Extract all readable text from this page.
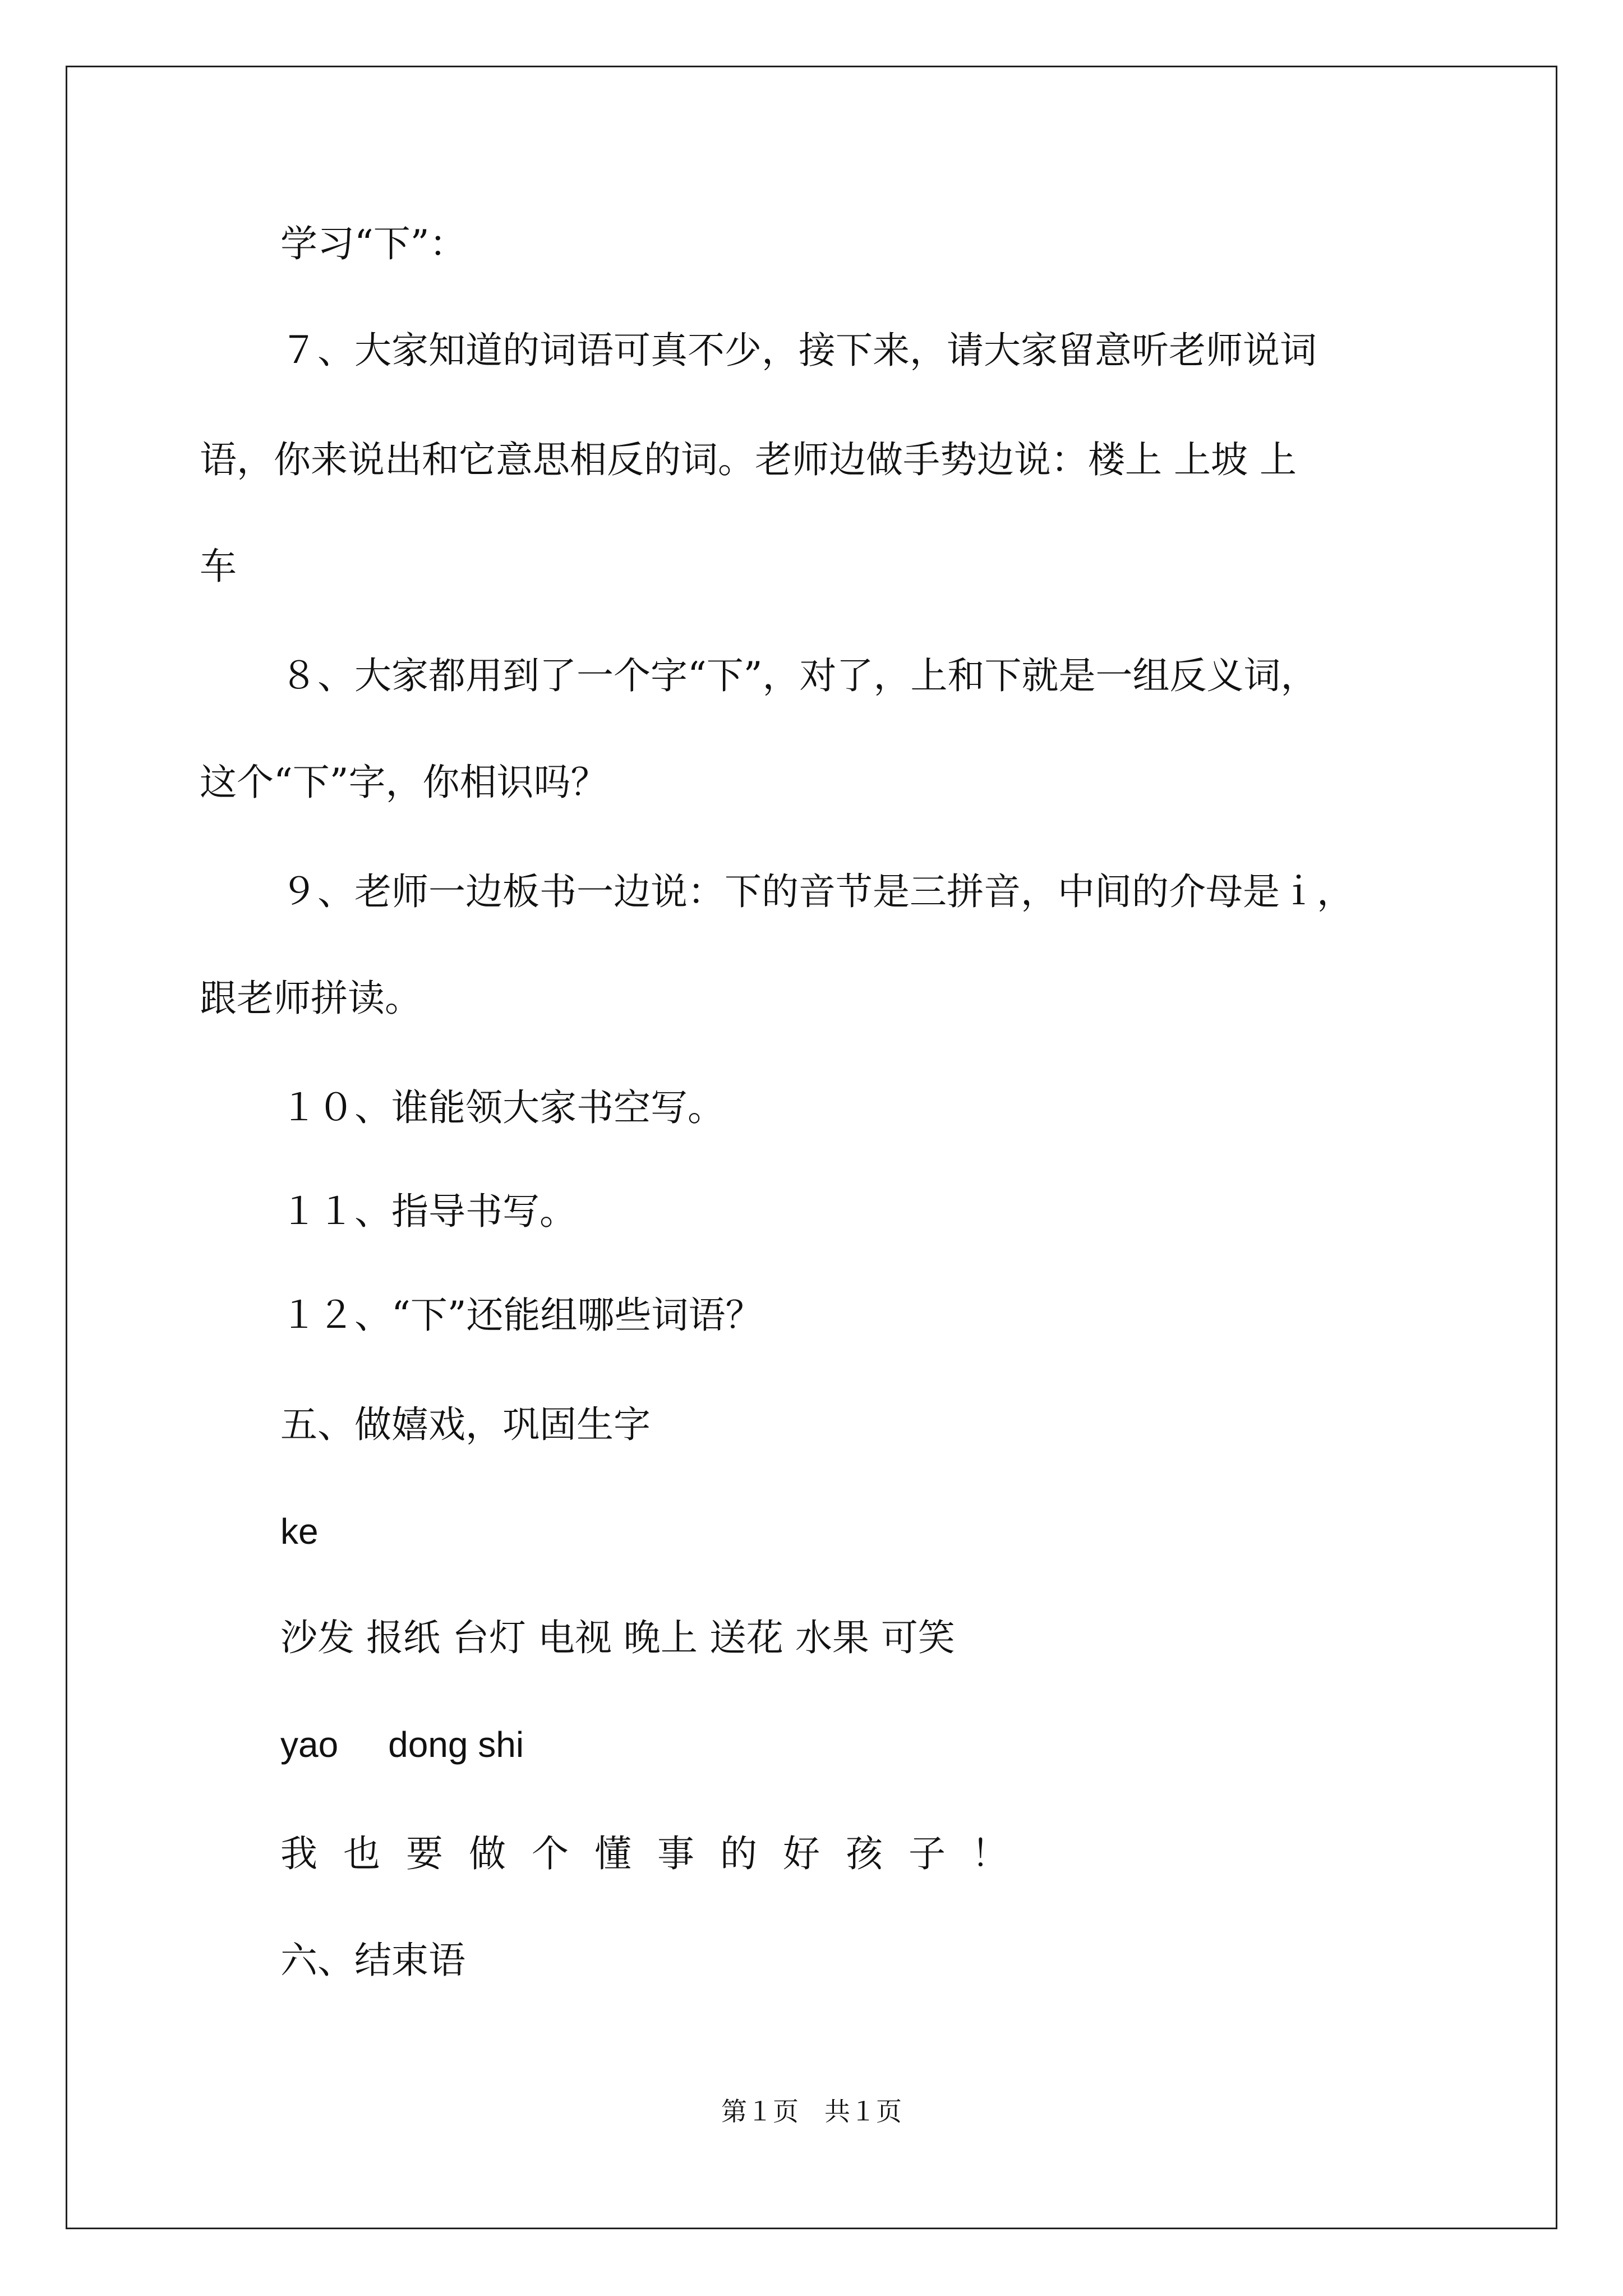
学习“下”：
７、大家知道的词语可真不少，接下来，请大家留意听老师说词
语，你来说出和它意思相反的词。老师边做手势边说：楼上 上坡 上
车
８、大家都用到了一个字“下”，对了，上和下就是一组反义词，
这个“下”字，你相识吗？
９、老师一边板书一边说：下的音节是三拼音，中间的介母是ｉ，
跟老师拼读。
１０、谁能领大家书空写。
１１、指导书写。
１２、“下”还能组哪些词语？
五、做嬉戏，巩固生字
ke
沙发 报纸 台灯 电视 晚上 送花 水果 可笑
yao     dong shi
我也要做个懂事的好孩子！
六、结束语
第１页　共１页
